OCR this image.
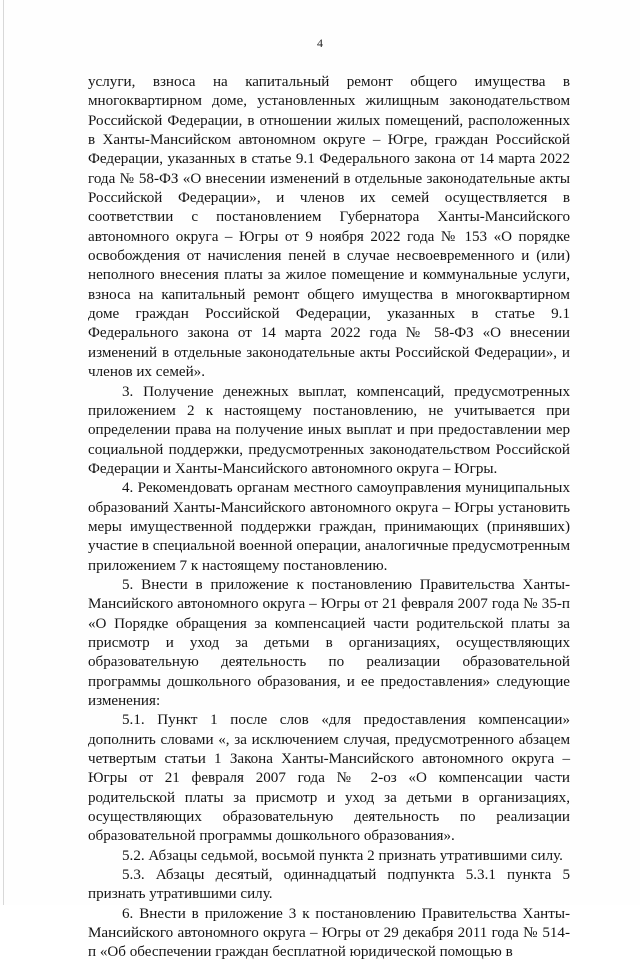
4

услуги, взноса на капитальный ремонт общего имущества в многоквартирном доме, установленных жилищным законодательством Российской Федерации, в отношении жилых помещений, расположенных в Ханты-Мансийском автономном округе – Югре, граждан Российской Федерации, указанных в статье 9.1 Федерального закона от 14 марта 2022 года № 58-ФЗ «О внесении изменений в отдельные законодательные акты Российской Федерации», и членов их семей осуществляется в соответствии с постановлением Губернатора Ханты-Мансийского автономного округа – Югры от 9 ноября 2022 года № 153 «О порядке освобождения от начисления пеней в случае несвоевременного и (или) неполного внесения платы за жилое помещение и коммунальные услуги, взноса на капитальный ремонт общего имущества в многоквартирном доме граждан Российской Федерации, указанных в статье 9.1 Федерального закона от 14 марта 2022 года № 58-ФЗ «О внесении изменений в отдельные законодательные акты Российской Федерации», и членов их семей».

3. Получение денежных выплат, компенсаций, предусмотренных приложением 2 к настоящему постановлению, не учитывается при определении права на получение иных выплат и при предоставлении мер социальной поддержки, предусмотренных законодательством Российской Федерации и Ханты-Мансийского автономного округа – Югры.

4. Рекомендовать органам местного самоуправления муниципальных образований Ханты-Мансийского автономного округа – Югры установить меры имущественной поддержки граждан, принимающих (принявших) участие в специальной военной операции, аналогичные предусмотренным приложением 7 к настоящему постановлению.

5. Внести в приложение к постановлению Правительства Ханты-Мансийского автономного округа – Югры от 21 февраля 2007 года № 35-п «О Порядке обращения за компенсацией части родительской платы за присмотр и уход за детьми в организациях, осуществляющих образовательную деятельность по реализации образовательной программы дошкольного образования, и ее предоставления» следующие изменения:

5.1. Пункт 1 после слов «для предоставления компенсации» дополнить словами «, за исключением случая, предусмотренного абзацем четвертым статьи 1 Закона Ханты-Мансийского автономного округа – Югры от 21 февраля 2007 года № 2-оз «О компенсации части родительской платы за присмотр и уход за детьми в организациях, осуществляющих образовательную деятельность по реализации образовательной программы дошкольного образования».

5.2. Абзацы седьмой, восьмой пункта 2 признать утратившими силу.

5.3. Абзацы десятый, одиннадцатый подпункта 5.3.1 пункта 5 признать утратившими силу.

6. Внести в приложение 3 к постановлению Правительства Ханты-Мансийского автономного округа – Югры от 29 декабря 2011 года № 514-п «Об обеспечении граждан бесплатной юридической помощью в
